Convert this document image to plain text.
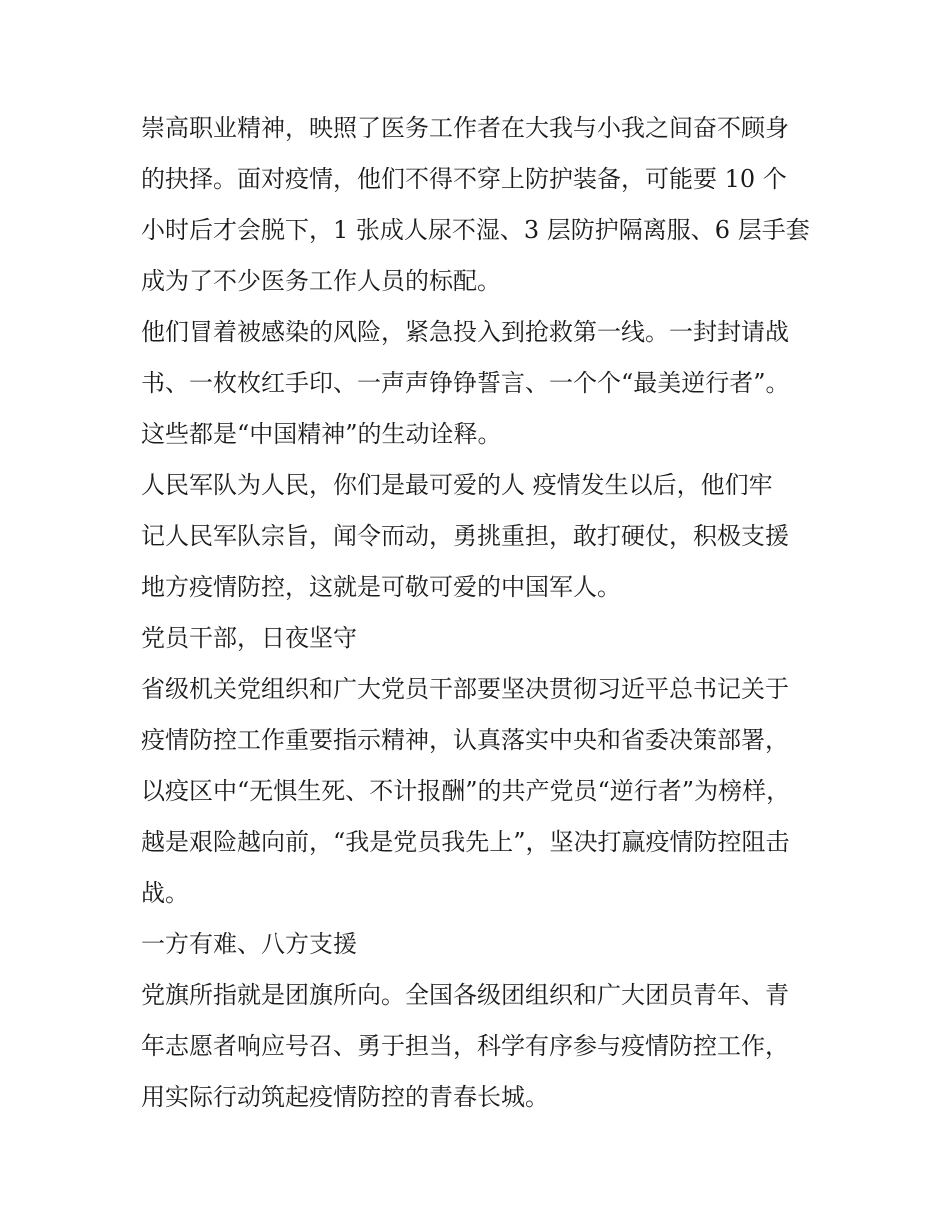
崇高职业精神，映照了医务工作者在大我与小我之间奋不顾身
的抉择。面对疫情，他们不得不穿上防护装备，可能要 10 个
小时后才会脱下，1 张成人尿不湿、3 层防护隔离服、6 层手套
成为了不少医务工作人员的标配。
他们冒着被感染的风险，紧急投入到抢救第一线。一封封请战
书、一枚枚红手印、一声声铮铮誓言、一个个“最美逆行者”。
这些都是“中国精神”的生动诠释。
人民军队为人民，你们是最可爱的人 疫情发生以后，他们牢
记人民军队宗旨，闻令而动，勇挑重担，敢打硬仗，积极支援
地方疫情防控，这就是可敬可爱的中国军人。
党员干部，日夜坚守
省级机关党组织和广大党员干部要坚决贯彻习近平总书记关于
疫情防控工作重要指示精神，认真落实中央和省委决策部署，
以疫区中“无惧生死、不计报酬”的共产党员“逆行者”为榜样，
越是艰险越向前，“我是党员我先上”，坚决打赢疫情防控阻击
战。
一方有难、八方支援
党旗所指就是团旗所向。全国各级团组织和广大团员青年、青
年志愿者响应号召、勇于担当，科学有序参与疫情防控工作，
用实际行动筑起疫情防控的青春长城。
